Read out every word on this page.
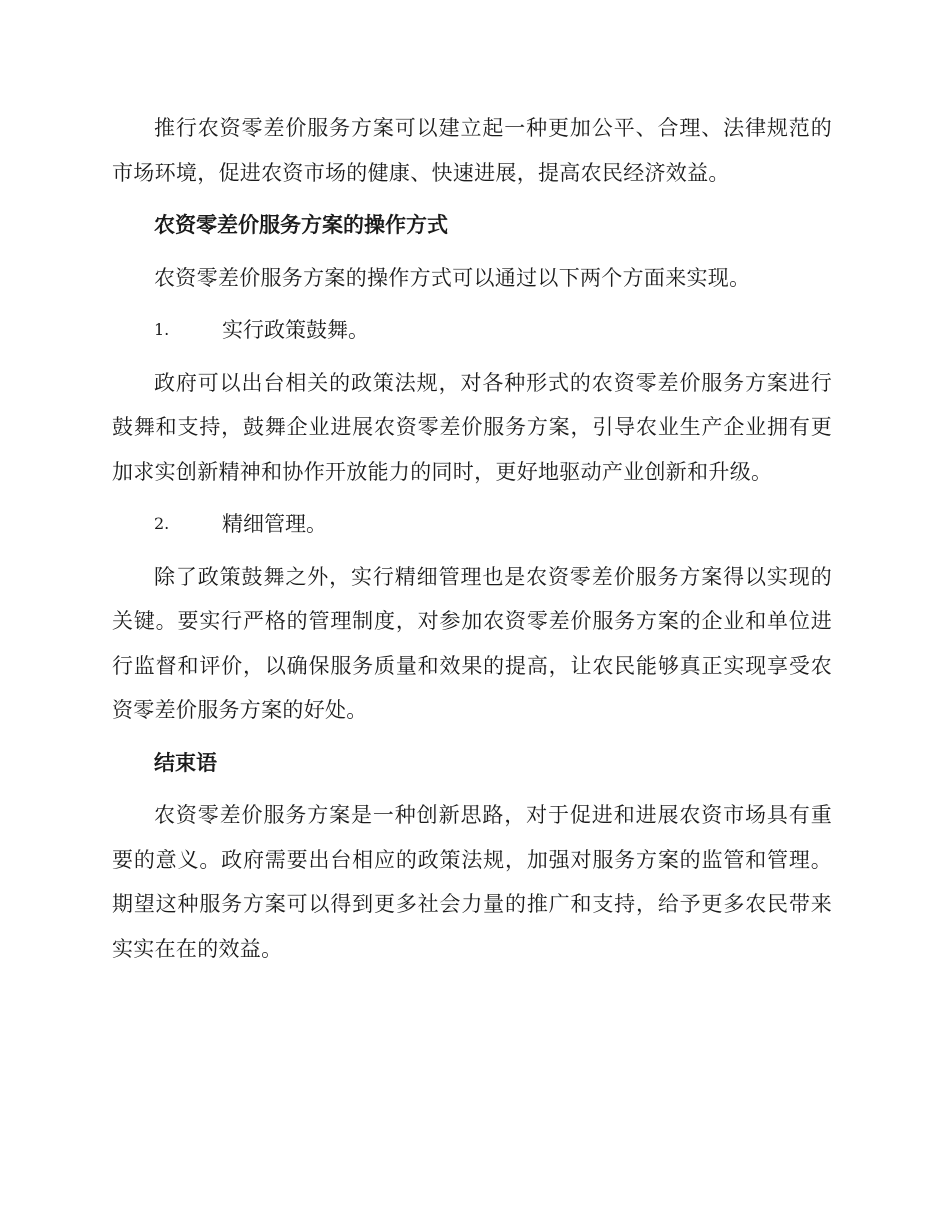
推行农资零差价服务方案可以建立起一种更加公平、合理、法律规范的市场环境，促进农资市场的健康、快速进展，提高农民经济效益。

农资零差价服务方案的操作方式

农资零差价服务方案的操作方式可以通过以下两个方面来实现。

1.	实行政策鼓舞。

政府可以出台相关的政策法规，对各种形式的农资零差价服务方案进行鼓舞和支持，鼓舞企业进展农资零差价服务方案，引导农业生产企业拥有更加求实创新精神和协作开放能力的同时，更好地驱动产业创新和升级。

2.	精细管理。

除了政策鼓舞之外，实行精细管理也是农资零差价服务方案得以实现的关键。要实行严格的管理制度，对参加农资零差价服务方案的企业和单位进行监督和评价，以确保服务质量和效果的提高，让农民能够真正实现享受农资零差价服务方案的好处。

结束语

农资零差价服务方案是一种创新思路，对于促进和进展农资市场具有重要的意义。政府需要出台相应的政策法规，加强对服务方案的监管和管理。期望这种服务方案可以得到更多社会力量的推广和支持，给予更多农民带来实实在在的效益。
